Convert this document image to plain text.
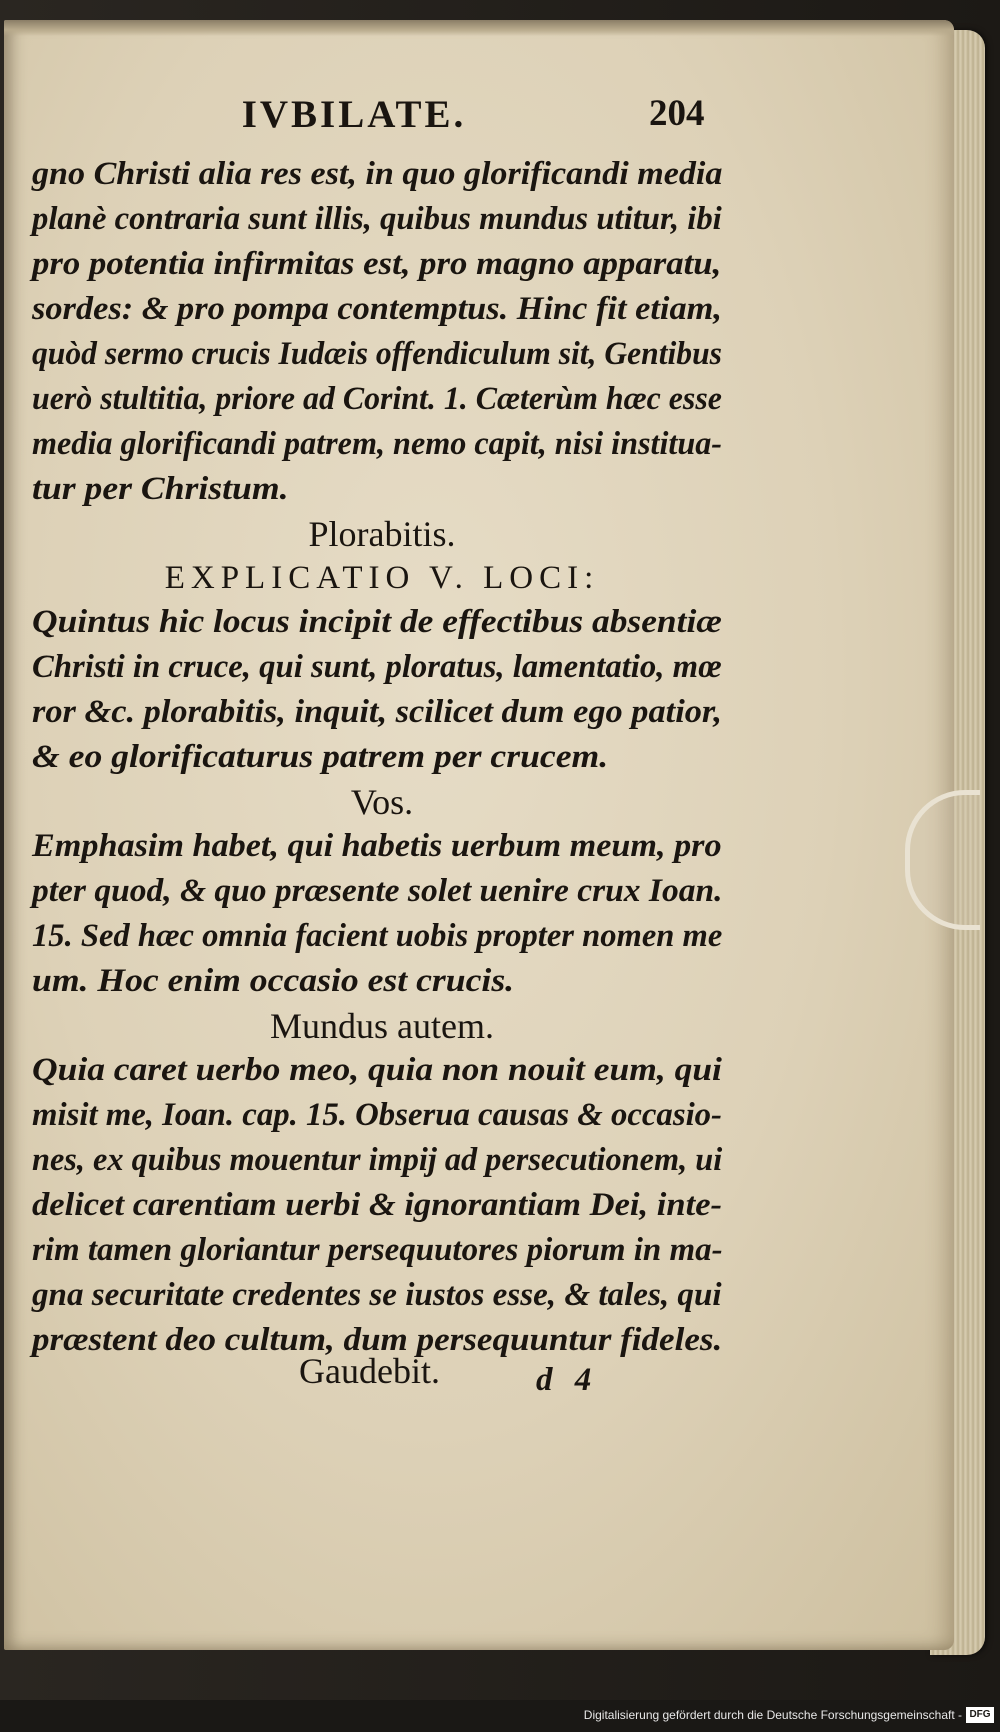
IVBILATE.	204
gno Christi alia res est, in quo glorificandi media
planè contraria sunt illis, quibus mundus utitur, ibi
pro potentia infirmitas est, pro magno apparatu,
sordes: & pro pompa contemptus. Hinc fit etiam,
quòd sermo crucis Iudæis offendiculum sit, Gentibus
uerò stultitia, priore ad Corint. 1. Cæterùm hæc esse
media glorificandi patrem, nemo capit, nisi institua-
tur per Christum.
Plorabitis.
EXPLICATIO V. LOCI:
Quintus hic locus incipit de effectibus absentiæ
Christi in cruce, qui sunt, ploratus, lamentatio, mœ
ror &c. plorabitis, inquit, scilicet dum ego patior,
& eo glorificaturus patrem per crucem.
Vos.
Emphasim habet, qui habetis uerbum meum, pro
pter quod, & quo præsente solet uenire crux Ioan.
15. Sed hæc omnia facient uobis propter nomen me
um. Hoc enim occasio est crucis.
Mundus autem.
Quia caret uerbo meo, quia non nouit eum, qui
misit me, Ioan. cap. 15. Obserua causas & occasio-
nes, ex quibus mouentur impij ad persecutionem, ui
delicet carentiam uerbi & ignorantiam Dei, inte-
rim tamen gloriantur persequutores piorum in ma-
gna securitate credentes se iustos esse, & tales, qui
præstent deo cultum, dum persequuntur fideles.
Gaudebit.	d 4
Digitalisierung gefördert durch die Deutsche Forschungsgemeinschaft - DFG
